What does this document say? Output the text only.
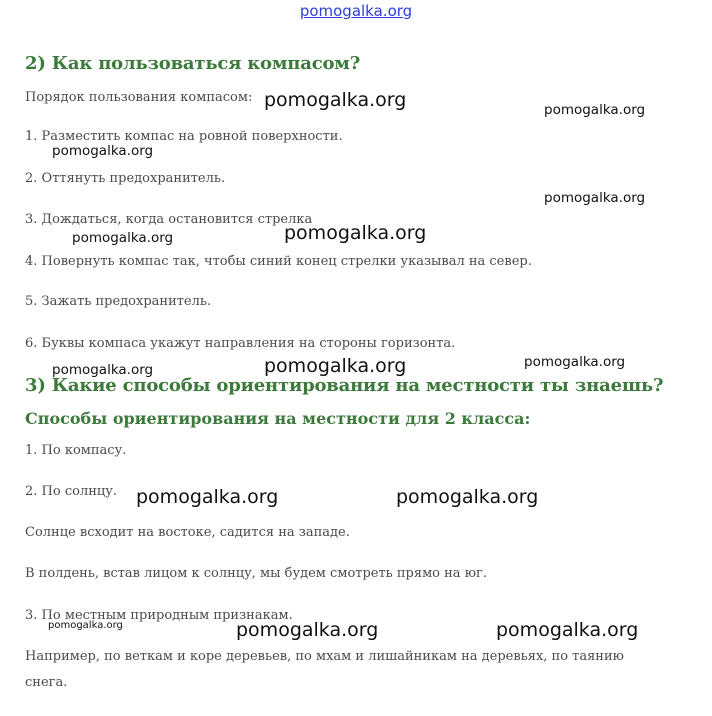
pomogalka.org
2) Как пользоваться компасом?
Порядок пользования компасом:
1. Разместить компас на ровной поверхности.
2. Оттянуть предохранитель.
3. Дождаться, когда остановится стрелка
4. Повернуть компас так, чтобы синий конец стрелки указывал на север.
5. Зажать предохранитель.
6. Буквы компаса укажут направления на стороны горизонта.
3) Какие способы ориентирования на местности ты знаешь?
Способы ориентирования на местности для 2 класса:
1. По компасу.
2. По солнцу.
Солнце всходит на востоке, садится на западе.
В полдень, встав лицом к солнцу, мы будем смотреть прямо на юг.
3. По местным природным признакам.
Например, по веткам и коре деревьев, по мхам и лишайникам на деревьях, по таянию снега.
pomogalka.org	pomogalka.org
pomogalka.org
pomogalka.org
pomogalka.org
pomogalka.org
pomogalka.org
pomogalka.org	pomogalka.org
pomogalka.org	pomogalka.org
pomogalka.org	pomogalka.org	pomogalka.org
